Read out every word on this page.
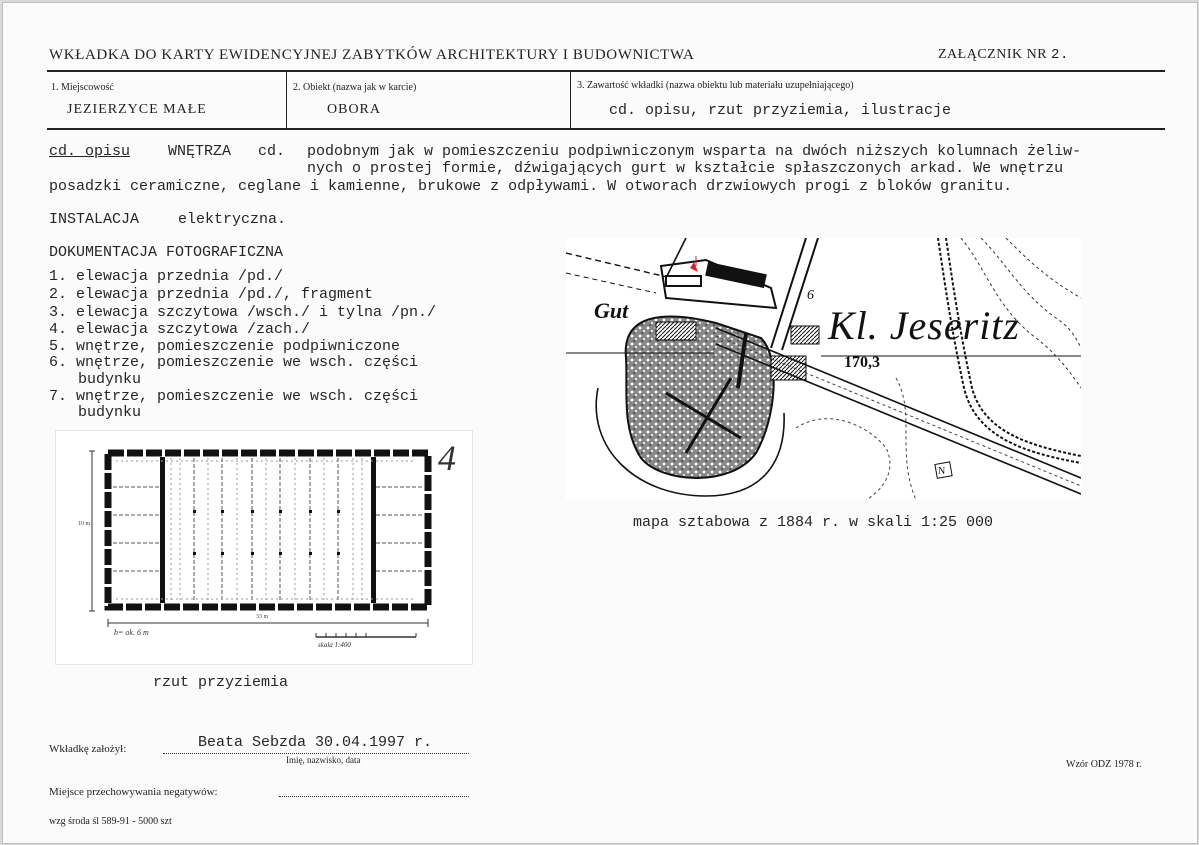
WKŁADKA DO KARTY EWIDENCYJNEJ ZABYTKÓW ARCHITEKTURY I BUDOWNICTWA	ZAŁĄCZNIK NR 2.
1. Miejscowość
JEZIERZYCE MAŁE
2. Obiekt (nazwa jak w karcie)
OBORA
3. Zawartość wkładki (nazwa obiektu lub materiału uzupełniającego)
cd. opisu, rzut przyziemia, ilustracje
cd. opisu	WNĘTRZA cd. podobnym jak w pomieszczeniu podpiwniczonym wsparta na dwóch niższych kolumnach żeliw-
nych o prostej formie, dźwigających gurt w kształcie spłaszczonych arkad. We wnętrzu
posadzki ceramiczne, ceglane i kamienne, brukowe z odpływami. W otworach drzwiowych progi z bloków granitu.
INSTALACJA	elektryczna.
DOKUMENTACJA FOTOGRAFICZNA
1. elewacja przednia /pd./
2. elewacja przednia /pd./, fragment
3. elewacja szczytowa /wsch./ i tylna /pn./
4. elewacja szczytowa /zach./
5. wnętrze, pomieszczenie podpiwniczone
6. wnętrze, pomieszczenie we wsch. części
budynku
7. wnętrze, pomieszczenie we wsch. części
budynku
4
10 m
33 m
h= ok. 6 m
skala 1:400
rzut przyziemia
Gut	Kl. Jeseritz
170,3
6
N
mapa sztabowa z 1884 r. w skali 1:25 000
Wkładkę założył:	Beata Sebzda 30.04.1997 r.
Imię, nazwisko, data
Miejsce przechowywania negatywów:
wzg środa śl 589-91 - 5000 szt
Wzór ODZ 1978 r.
